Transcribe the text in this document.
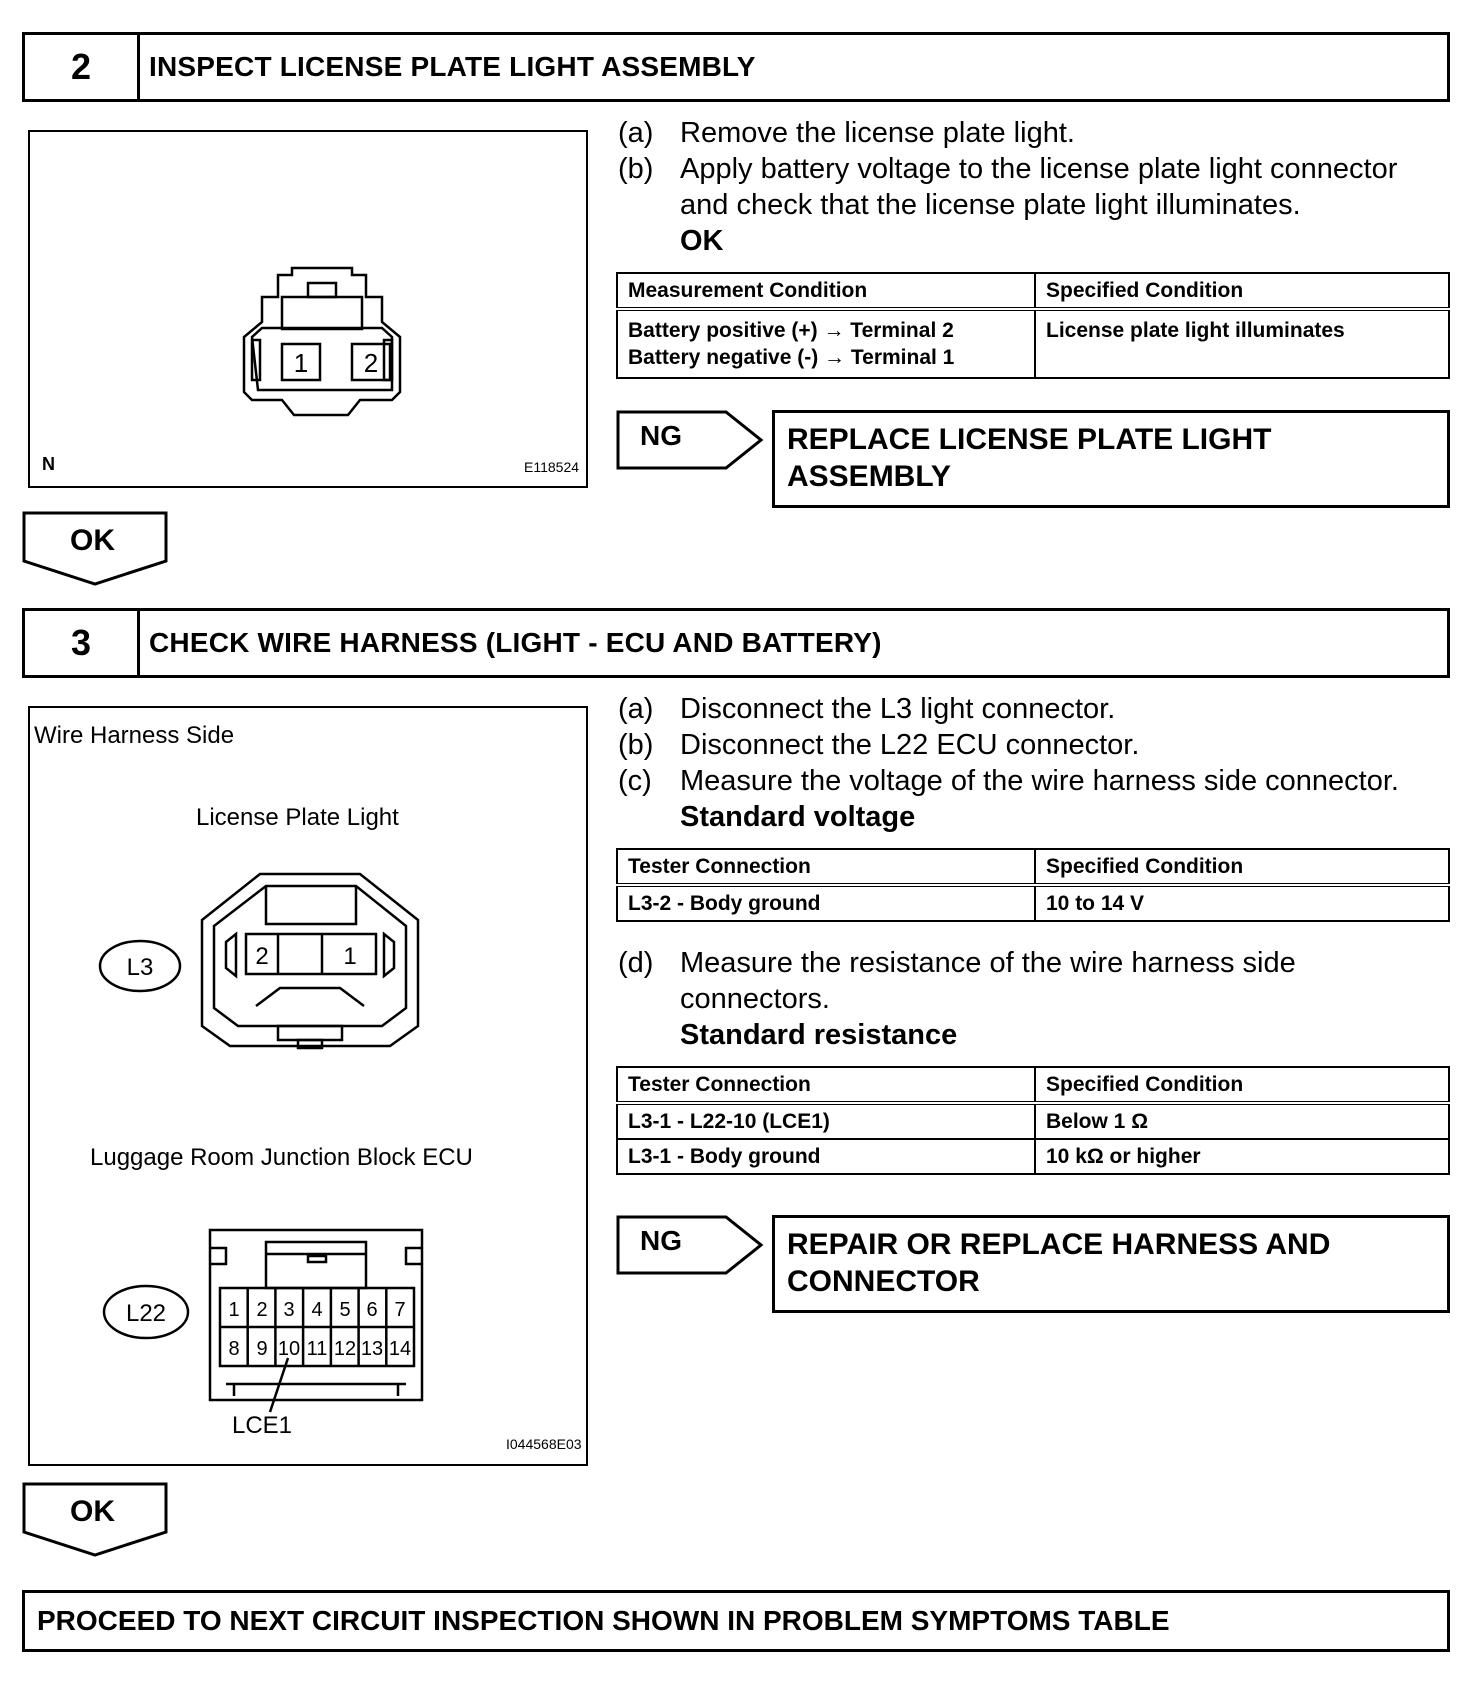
2	INSPECT LICENSE PLATE LIGHT ASSEMBLY
1 2
N	E118524
(a) Remove the license plate light.
(b) Apply battery voltage to the license plate light connector
and check that the license plate light illuminates.
OK
Measurement Condition	Specified Condition

Battery positive (+) → Terminal 2
Battery negative (-) → Terminal 1	License plate light illuminates
NG	REPLACE LICENSE PLATE LIGHT
ASSEMBLY
OK
3	CHECK WIRE HARNESS (LIGHT - ECU AND BATTERY)
Wire Harness Side
License Plate Light
Luggage Room Junction Block ECU
L3	2	1
L22	1 2 3 4 5 6 7
8 9 10 11 12 13 14
LCE1
I044568E03
(a) Disconnect the L3 light connector.
(b) Disconnect the L22 ECU connector.
(c) Measure the voltage of the wire harness side connector.
Standard voltage
Tester Connection	Specified Condition
L3-2 - Body ground	10 to 14 V
(d) Measure the resistance of the wire harness side
connectors.
Standard resistance
Tester Connection	Specified Condition
L3-1 - L22-10 (LCE1)	Below 1 Ω
L3-1 - Body ground	10 kΩ or higher
NG	REPAIR OR REPLACE HARNESS AND
CONNECTOR
OK
PROCEED TO NEXT CIRCUIT INSPECTION SHOWN IN PROBLEM SYMPTOMS TABLE
